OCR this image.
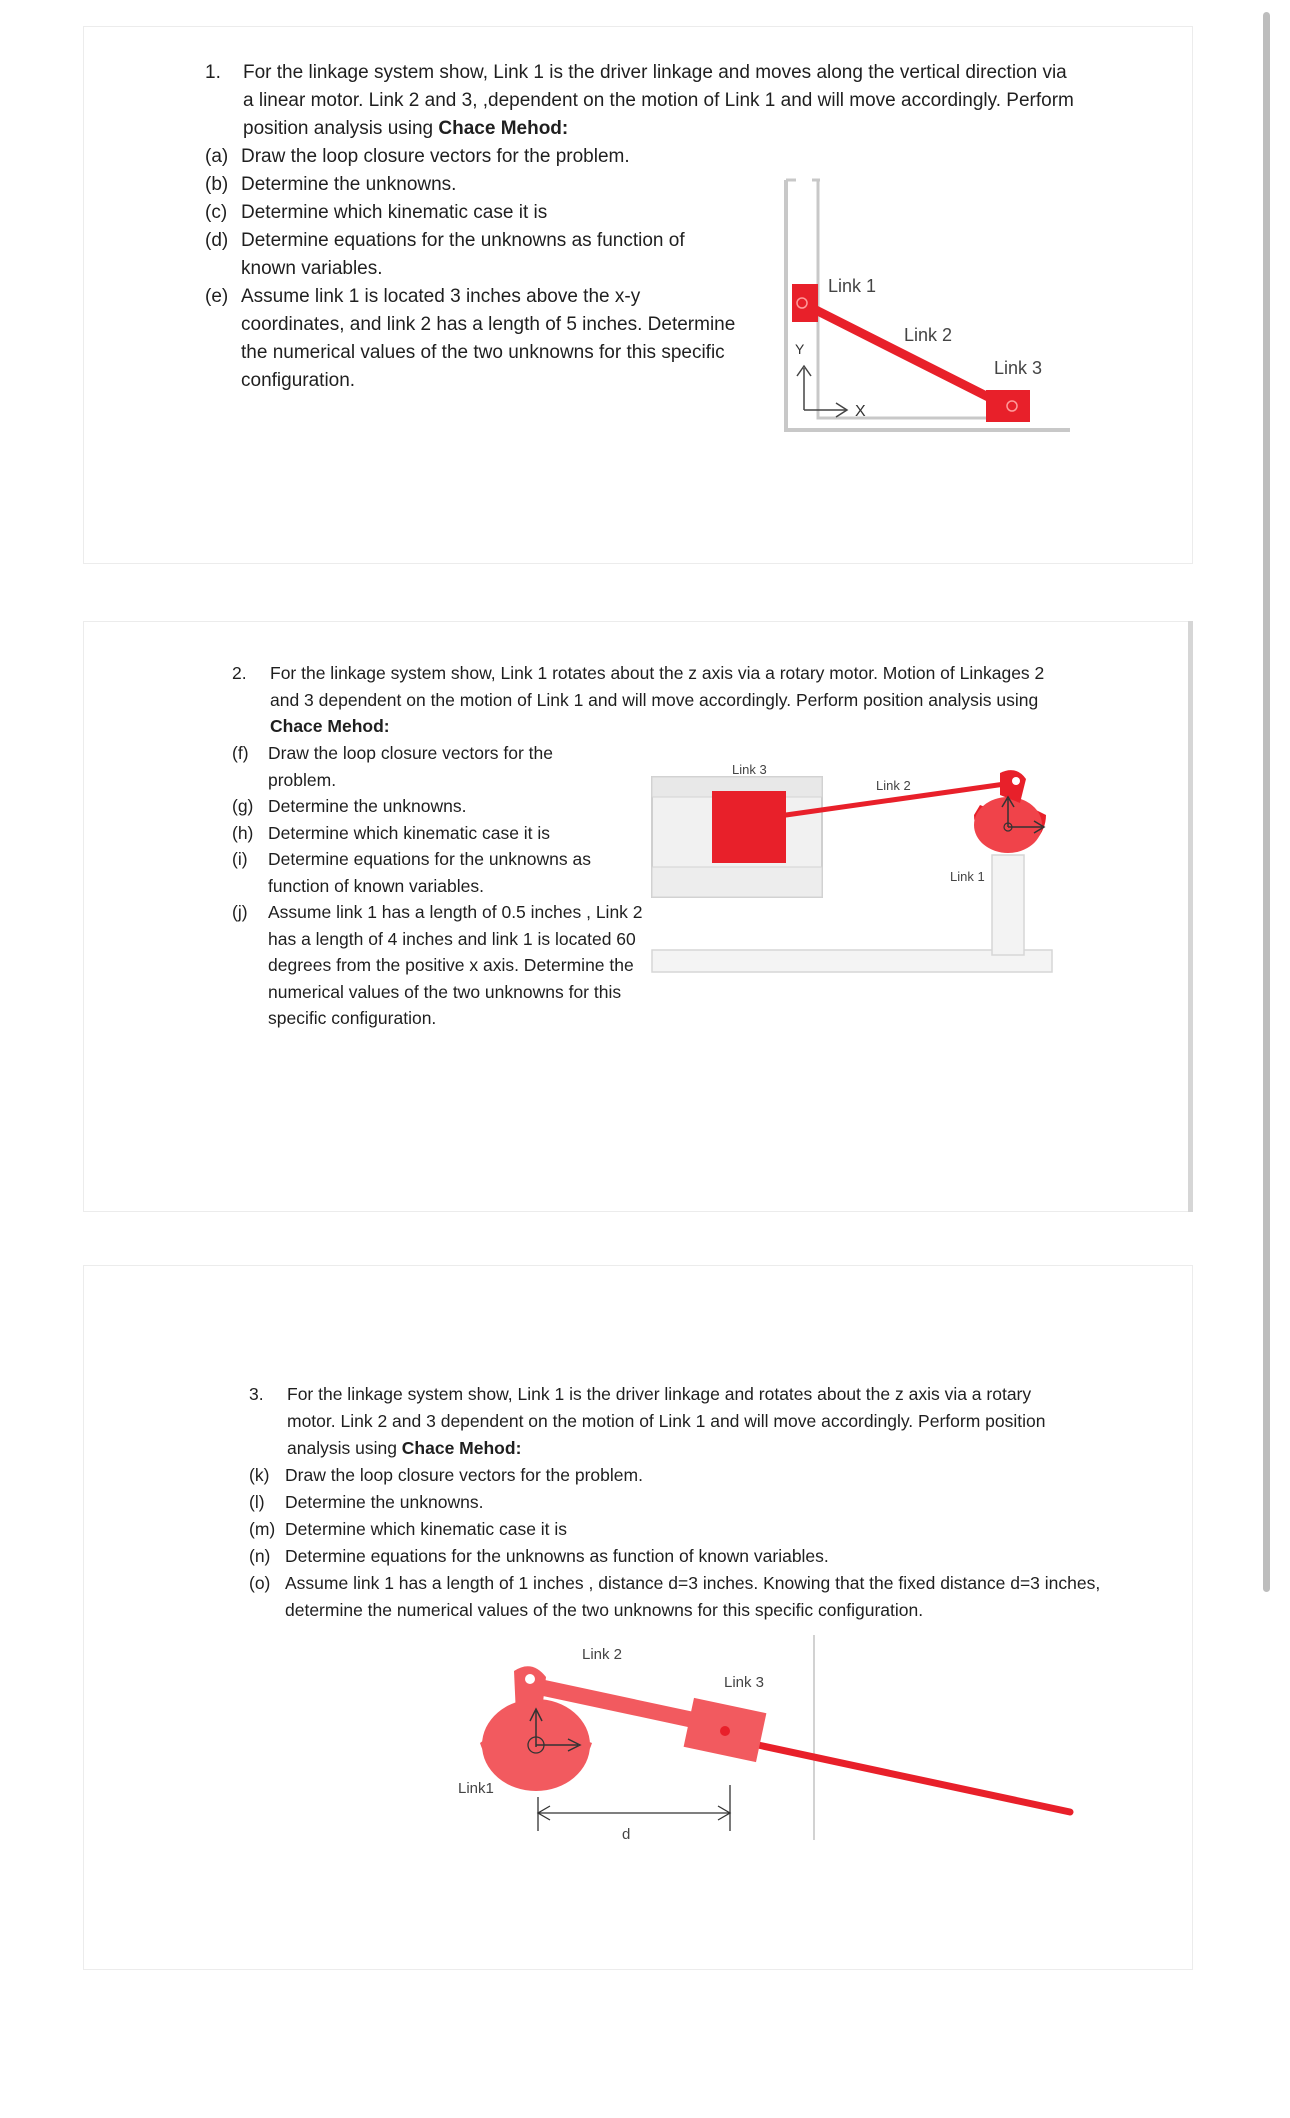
1. For the linkage system show, Link 1 is the driver linkage and moves along the vertical direction via a linear motor. Link 2 and 3, ,dependent on the motion of Link 1 and will move accordingly. Perform position analysis using Chace Mehod:
(a) Draw the loop closure vectors for the problem.
(b) Determine the unknowns.
(c) Determine which kinematic case it is
(d) Determine equations for the unknowns as function of known variables.
(e) Assume link 1 is located 3 inches above the x-y coordinates, and link 2 has a length of 5 inches. Determine the numerical values of the two unknowns for this specific configuration.
Y
X
Link 1
Link 2
Link 3
2. For the linkage system show, Link 1 rotates about the z axis via a rotary motor. Motion of Linkages 2 and 3 dependent on the motion of Link 1 and will move accordingly. Perform position analysis using Chace Mehod:
(f) Draw the loop closure vectors for the problem.
(g) Determine the unknowns.
(h) Determine which kinematic case it is
(i) Determine equations for the unknowns as function of known variables.
(j) Assume link 1 has a length of 0.5 inches , Link 2 has a length of 4 inches and link 1 is located 60 degrees from the positive x axis. Determine the numerical values of the two unknowns for this specific configuration.
Link 3
Link 2
Link 1
3. For the linkage system show, Link 1 is the driver linkage and rotates about the z axis via a rotary motor. Link 2 and 3 dependent on the motion of Link 1 and will move accordingly. Perform position analysis using Chace Mehod:
(k) Draw the loop closure vectors for the problem.
(l) Determine the unknowns.
(m) Determine which kinematic case it is
(n) Determine equations for the unknowns as function of known variables.
(o) Assume link 1 has a length of 1 inches , distance d=3 inches. Knowing that the fixed distance d=3 inches, determine the numerical values of the two unknowns for this specific configuration.
d
Link 2
Link 3
Link1
